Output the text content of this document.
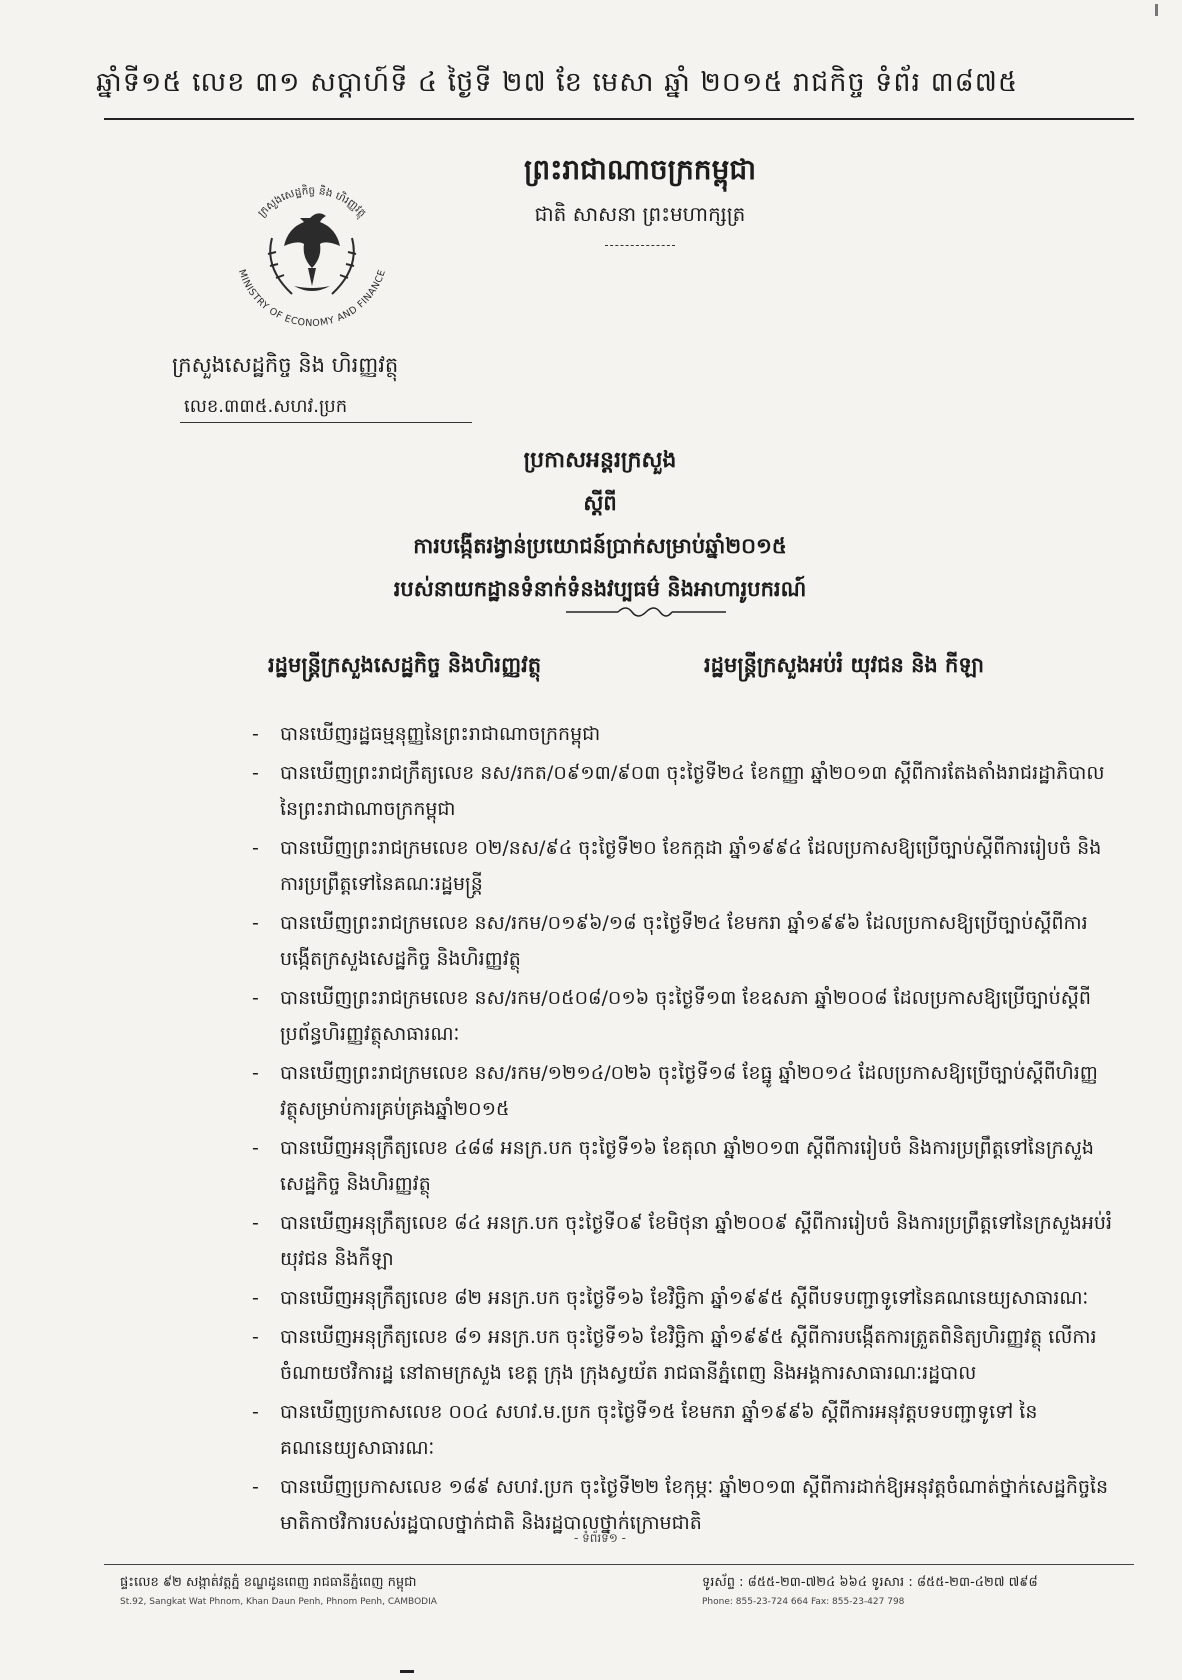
ឆ្នាំទី១៥ លេខ ៣១ សប្តាហ៍ទី ៤ ថ្ងៃទី ២៧ ខែ មេសា ឆ្នាំ ២០១៥ រាជកិច្ច ទំព័រ ៣៨៧៥
ព្រះរាជាណាចក្រកម្ពុជា
ជាតិ សាសនា ព្រះមហាក្សត្រ
ក្រសួងសេដ្ឋកិច្ច និង ហិរញ្ញវត្ថុ
MINISTRY OF ECONOMY AND FINANCE
ក្រសួងសេដ្ឋកិច្ច និង ហិរញ្ញវត្ថុ
លេខ.៣៣៥.សហវ.ប្រក
ប្រកាសអន្តរក្រសួង
ស្តីពី
ការបង្កើតរង្វាន់ប្រយោជន៍ប្រាក់សម្រាប់ឆ្នាំ២០១៥
របស់នាយកដ្ឋានទំនាក់ទំនងវប្បធម៌ និងអាហារូបករណ៍
រដ្ឋមន្ត្រីក្រសួងសេដ្ឋកិច្ច និងហិរញ្ញវត្ថុ	រដ្ឋមន្ត្រីក្រសួងអប់រំ យុវជន និង កីឡា
- បានឃើញរដ្ឋធម្មនុញ្ញនៃព្រះរាជាណាចក្រកម្ពុជា
- បានឃើញព្រះរាជក្រឹត្យលេខ នស/រកត/០៩១៣/៩០៣ ចុះថ្ងៃទី២៤ ខែកញ្ញា ឆ្នាំ២០១៣ ស្តីពីការតែងតាំងរាជរដ្ឋាភិបាលនៃព្រះរាជាណាចក្រកម្ពុជា
- បានឃើញព្រះរាជក្រមលេខ ០២/នស/៩៤ ចុះថ្ងៃទី២០ ខែកក្កដា ឆ្នាំ១៩៩៤ ដែលប្រកាសឱ្យប្រើច្បាប់ស្តីពីការរៀបចំ និងការប្រព្រឹត្តទៅនៃគណៈរដ្ឋមន្ត្រី
- បានឃើញព្រះរាជក្រមលេខ នស/រកម/០១៩៦/១៨ ចុះថ្ងៃទី២៤ ខែមករា ឆ្នាំ១៩៩៦ ដែលប្រកាសឱ្យប្រើច្បាប់ស្តីពីការបង្កើតក្រសួងសេដ្ឋកិច្ច និងហិរញ្ញវត្ថុ
- បានឃើញព្រះរាជក្រមលេខ នស/រកម/០៥០៨/០១៦ ចុះថ្ងៃទី១៣ ខែឧសភា ឆ្នាំ២០០៨ ដែលប្រកាសឱ្យប្រើច្បាប់ស្តីពីប្រព័ន្ធហិរញ្ញវត្ថុសាធារណៈ
- បានឃើញព្រះរាជក្រមលេខ នស/រកម/១២១៤/០២៦ ចុះថ្ងៃទី១៨ ខែធ្នូ ឆ្នាំ២០១៤ ដែលប្រកាសឱ្យប្រើច្បាប់ស្តីពីហិរញ្ញវត្ថុសម្រាប់ការគ្រប់គ្រងឆ្នាំ២០១៥
- បានឃើញអនុក្រឹត្យលេខ ៤៨៨ អនក្រ.បក ចុះថ្ងៃទី១៦ ខែតុលា ឆ្នាំ២០១៣ ស្តីពីការរៀបចំ និងការប្រព្រឹត្តទៅនៃក្រសួងសេដ្ឋកិច្ច និងហិរញ្ញវត្ថុ
- បានឃើញអនុក្រឹត្យលេខ ៨៤ អនក្រ.បក ចុះថ្ងៃទី០៩ ខែមិថុនា ឆ្នាំ២០០៩ ស្តីពីការរៀបចំ និងការប្រព្រឹត្តទៅនៃក្រសួងអប់រំ យុវជន និងកីឡា
- បានឃើញអនុក្រឹត្យលេខ ៨២ អនក្រ.បក ចុះថ្ងៃទី១៦ ខែវិច្ឆិកា ឆ្នាំ១៩៩៥ ស្តីពីបទបញ្ជាទូទៅនៃគណនេយ្យសាធារណៈ
- បានឃើញអនុក្រឹត្យលេខ ៨១ អនក្រ.បក ចុះថ្ងៃទី១៦ ខែវិច្ឆិកា ឆ្នាំ១៩៩៥ ស្តីពីការបង្កើតការត្រួតពិនិត្យហិរញ្ញវត្ថុ លើការចំណាយថវិការដ្ឋ នៅតាមក្រសួង ខេត្ត ក្រុង ក្រុងស្វយ័ត រាជធានីភ្នំពេញ និងអង្គការសាធារណៈរដ្ឋបាល
- បានឃើញប្រកាសលេខ ០០៤ សហវ.ម.ប្រក ចុះថ្ងៃទី១៥ ខែមករា ឆ្នាំ១៩៩៦ ស្តីពីការអនុវត្តបទបញ្ជាទូទៅ នៃគណនេយ្យសាធារណៈ
- បានឃើញប្រកាសលេខ ១៨៩ សហវ.ប្រក ចុះថ្ងៃទី២២ ខែកុម្ភៈ ឆ្នាំ២០១៣ ស្តីពីការដាក់ឱ្យអនុវត្តចំណាត់ថ្នាក់សេដ្ឋកិច្ចនៃមាតិកាថវិការបស់រដ្ឋបាលថ្នាក់ជាតិ និងរដ្ឋបាលថ្នាក់ក្រោមជាតិ
- ទំព័រទី១ -
ផ្ទះលេខ ៩២ សង្កាត់វត្តភ្នំ ខណ្ឌដូនពេញ រាជធានីភ្នំពេញ កម្ពុជា
St.92, Sangkat Wat Phnom, Khan Daun Penh, Phnom Penh, CAMBODIA
ទូរស័ព្ទ : ៨៥៥-២៣-៧២៤ ៦៦៤ ទូរសារ : ៨៥៥-២៣-៤២៧ ៧៩៨
Phone: 855-23-724 664 Fax: 855-23-427 798
